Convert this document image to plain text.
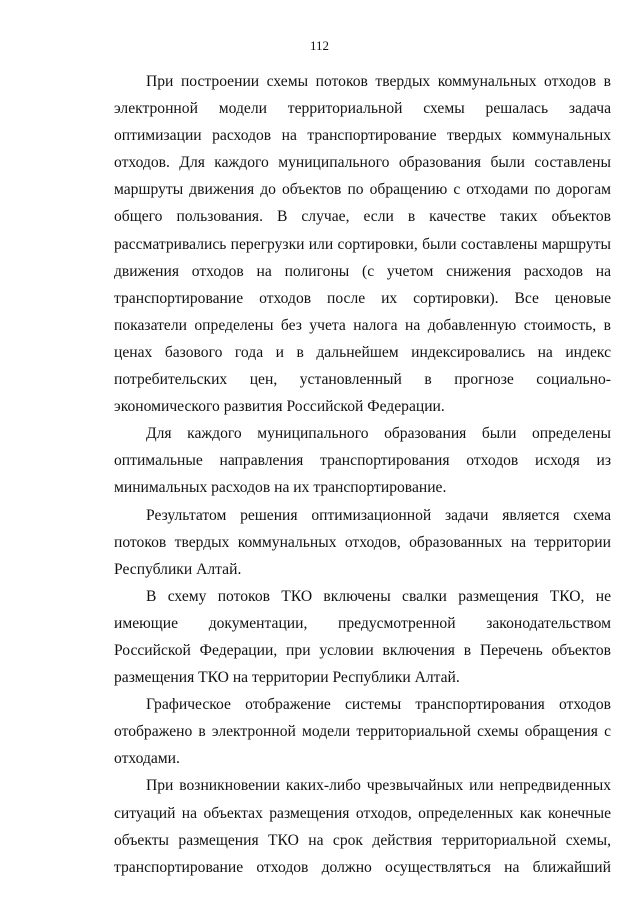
112

При построении схемы потоков твердых коммунальных отходов в электронной модели территориальной схемы решалась задача оптимизации расходов на транспортирование твердых коммунальных отходов. Для каждого муниципального образования были составлены маршруты движения до объектов по обращению с отходами по дорогам общего пользования. В случае, если в качестве таких объектов рассматривались перегрузки или сортировки, были составлены маршруты движения отходов на полигоны (с учетом снижения расходов на транспортирование отходов после их сортировки). Все ценовые показатели определены без учета налога на добавленную стоимость, в ценах базового года и в дальнейшем индексировались на индекс потребительских цен, установленный в прогнозе социально-экономического развития Российской Федерации.

Для каждого муниципального образования были определены оптимальные направления транспортирования отходов исходя из минимальных расходов на их транспортирование.

Результатом решения оптимизационной задачи является схема потоков твердых коммунальных отходов, образованных на территории Республики Алтай.

В схему потоков ТКО включены свалки размещения ТКО, не имеющие документации, предусмотренной законодательством Российской Федерации, при условии включения в Перечень объектов размещения ТКО на территории Республики Алтай.

Графическое отображение системы транспортирования отходов отображено в электронной модели территориальной схемы обращения с отходами.

При возникновении каких-либо чрезвычайных или непредвиденных ситуаций на объектах размещения отходов, определенных как конечные объекты размещения ТКО на срок действия территориальной схемы, транспортирование отходов должно осуществляться на ближайший
